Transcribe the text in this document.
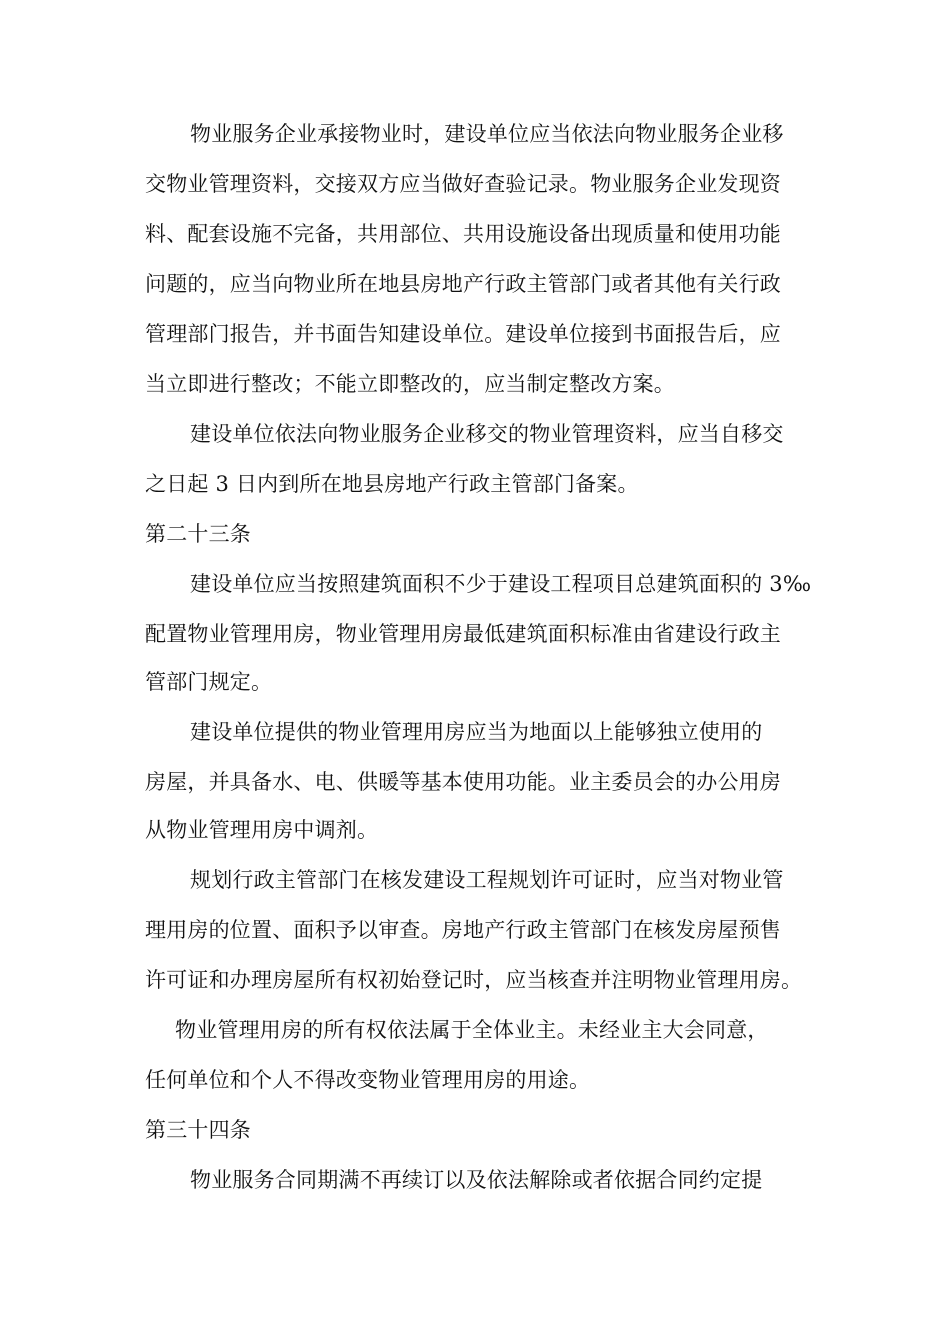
物业服务企业承接物业时，建设单位应当依法向物业服务企业移
交物业管理资料，交接双方应当做好查验记录。物业服务企业发现资
料、配套设施不完备，共用部位、共用设施设备出现质量和使用功能
问题的，应当向物业所在地县房地产行政主管部门或者其他有关行政
管理部门报告，并书面告知建设单位。建设单位接到书面报告后，应
当立即进行整改；不能立即整改的，应当制定整改方案。
建设单位依法向物业服务企业移交的物业管理资料，应当自移交
之日起 3 日内到所在地县房地产行政主管部门备案。
第二十三条
建设单位应当按照建筑面积不少于建设工程项目总建筑面积的 3‰
配置物业管理用房，物业管理用房最低建筑面积标准由省建设行政主
管部门规定。
建设单位提供的物业管理用房应当为地面以上能够独立使用的
房屋，并具备水、电、供暖等基本使用功能。业主委员会的办公用房
从物业管理用房中调剂。
规划行政主管部门在核发建设工程规划许可证时，应当对物业管
理用房的位置、面积予以审查。房地产行政主管部门在核发房屋预售
许可证和办理房屋所有权初始登记时，应当核查并注明物业管理用房。
物业管理用房的所有权依法属于全体业主。未经业主大会同意，
任何单位和个人不得改变物业管理用房的用途。
第三十四条
物业服务合同期满不再续订以及依法解除或者依据合同约定提
